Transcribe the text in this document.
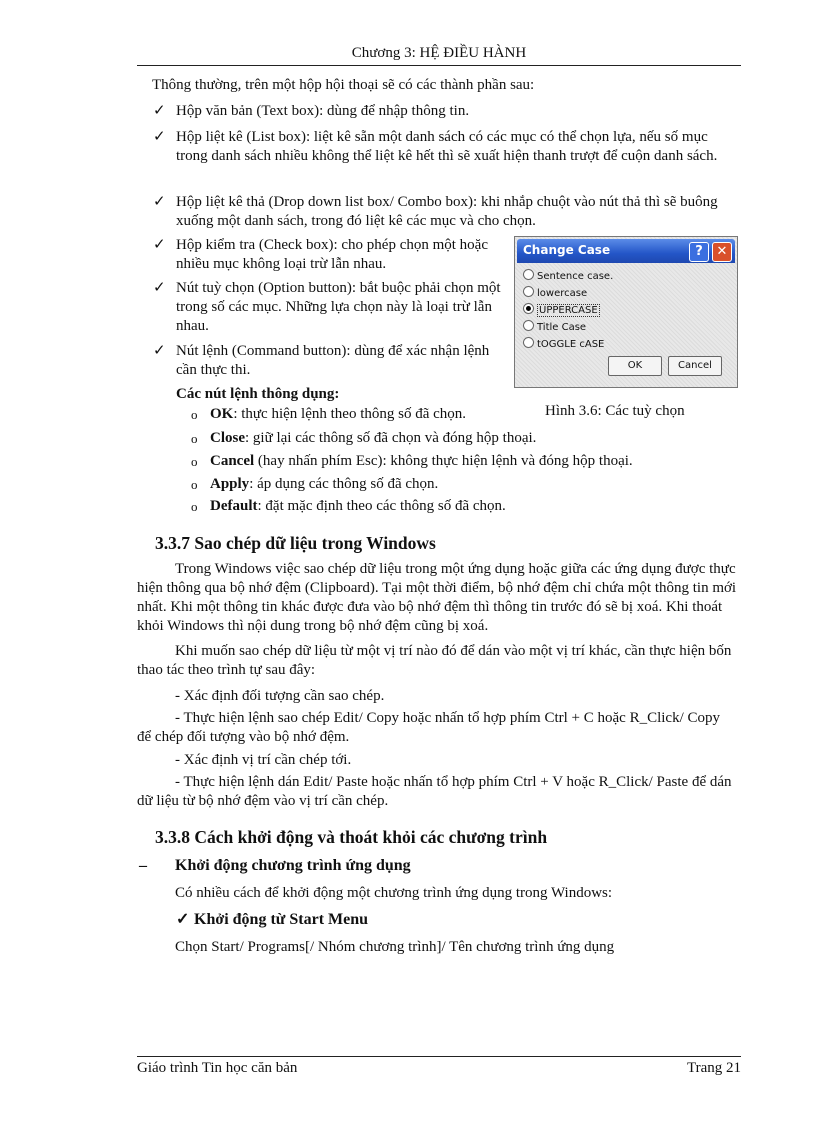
Chương 3: HỆ ĐIỀU HÀNH
Giáo trình Tin học căn bản	Trang 21
Thông thường, trên một hộp hội thoại sẽ có các thành phần sau:
✓ Hộp văn bản (Text box): dùng để nhập thông tin.
✓ Hộp liệt kê (List box): liệt kê sẵn một danh sách có các mục có thể chọn lựa, nếu số mục trong danh sách nhiều không thể liệt kê hết thì sẽ xuất hiện thanh trượt để cuộn danh sách.
✓ Hộp liệt kê thả (Drop down list box/ Combo box): khi nhắp chuột vào nút thả thì sẽ buông xuống một danh sách, trong đó liệt kê các mục và cho chọn.
✓ Hộp kiểm tra (Check box): cho phép chọn một hoặc nhiều mục không loại trừ lẫn nhau.
✓ Nút tuỳ chọn (Option button): bắt buộc phải chọn một trong số các mục. Những lựa chọn này là loại trừ lẫn nhau.
✓ Nút lệnh (Command button): dùng để xác nhận lệnh cần thực thi.
Các nút lệnh thông dụng:
o OK: thực hiện lệnh theo thông số đã chọn.
o Close: giữ lại các thông số đã chọn và đóng hộp thoại.
o Cancel (hay nhấn phím Esc): không thực hiện lệnh và đóng hộp thoại.
o Apply: áp dụng các thông số đã chọn.
o Default: đặt mặc định theo các thông số đã chọn.
Change Case	?	✕
Sentence case.
lowercase
UPPERCASE
Title Case
tOGGLE cASE
OK	Cancel
Hình 3.6: Các tuỳ chọn
3.3.7 Sao chép dữ liệu trong Windows
Trong Windows việc sao chép dữ liệu trong một ứng dụng hoặc giữa các ứng dụng được thực hiện thông qua bộ nhớ đệm (Clipboard). Tại một thời điểm, bộ nhớ đệm chỉ chứa một thông tin mới nhất. Khi một thông tin khác được đưa vào bộ nhớ đệm thì thông tin trước đó sẽ bị xoá. Khi thoát khỏi Windows thì nội dung trong bộ nhớ đệm cũng bị xoá.
Khi muốn sao chép dữ liệu từ một vị trí nào đó để dán vào một vị trí khác, cần thực hiện bốn thao tác theo trình tự sau đây:
- Xác định đối tượng cần sao chép.
- Thực hiện lệnh sao chép Edit/ Copy hoặc nhấn tổ hợp phím Ctrl + C hoặc R_Click/ Copy để chép đối tượng vào bộ nhớ đệm.
- Xác định vị trí cần chép tới.
- Thực hiện lệnh dán Edit/ Paste hoặc nhấn tổ hợp phím Ctrl + V hoặc R_Click/ Paste để dán dữ liệu từ bộ nhớ đệm vào vị trí cần chép.
3.3.8 Cách khởi động và thoát khỏi các chương trình
– Khởi động chương trình ứng dụng
Có nhiều cách để khởi động một chương trình ứng dụng trong Windows:
✓ Khởi động từ Start Menu
Chọn Start/ Programs[/ Nhóm chương trình]/ Tên chương trình ứng dụng
